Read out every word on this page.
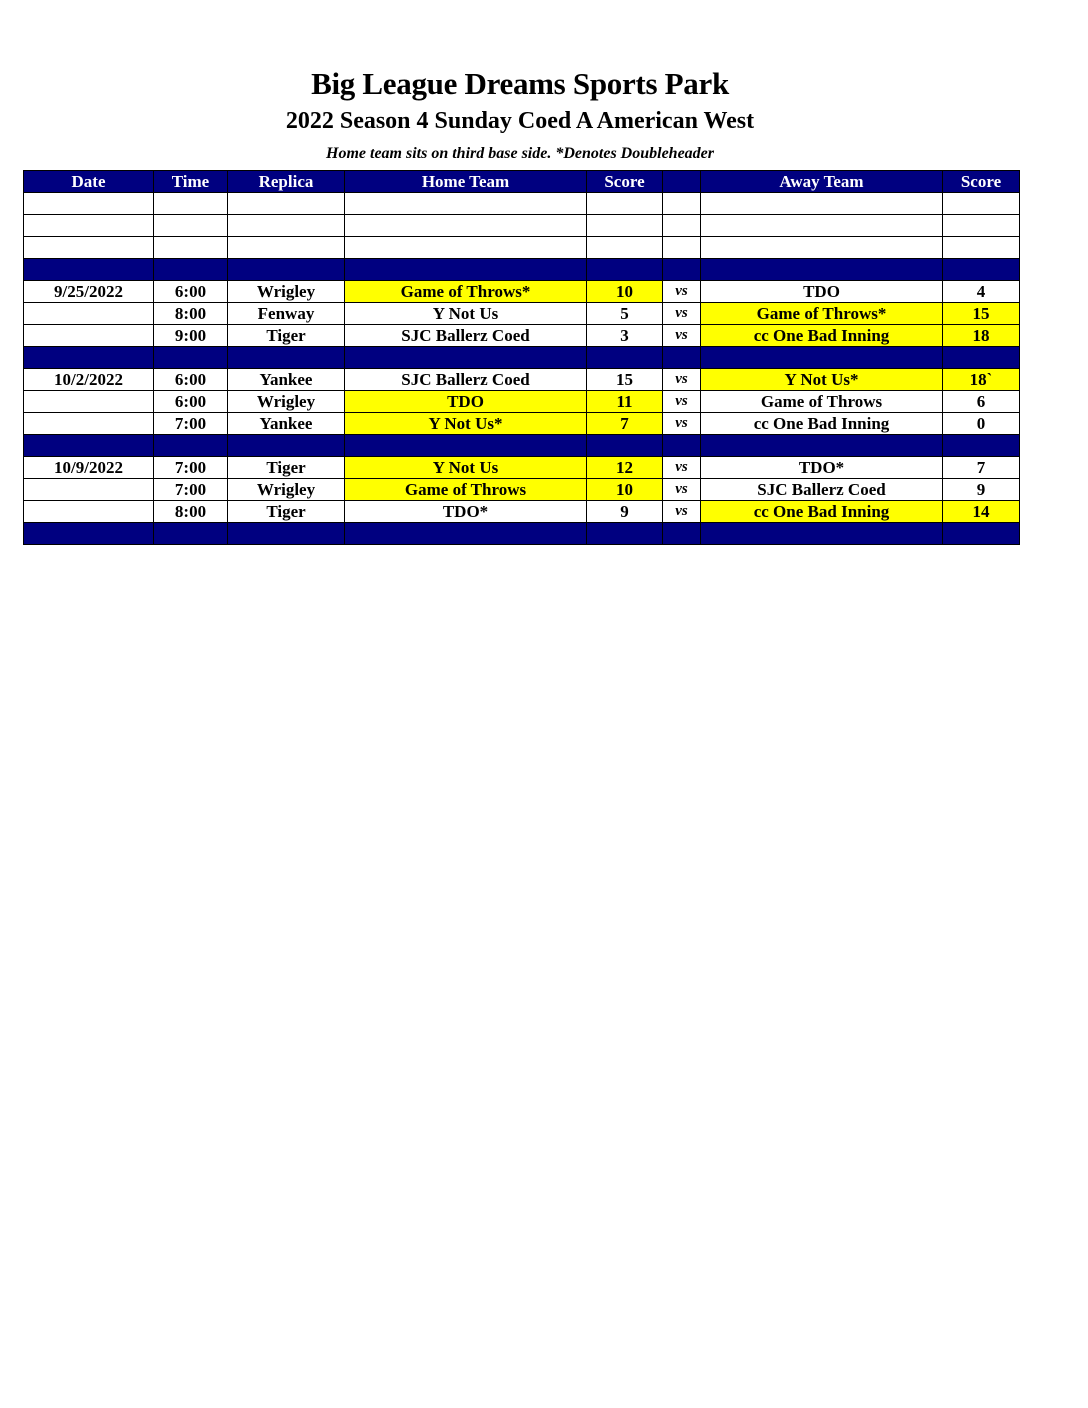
Big League Dreams Sports Park
2022 Season 4 Sunday Coed A American West
Home team sits on third base side. *Denotes Doubleheader
Date	Time	Replica	Home Team	Score		Away Team	Score

9/25/2022	6:00	Wrigley	Game of Throws*	10	vs	TDO	4
	8:00	Fenway	Y Not Us	5	vs	Game of Throws*	15
	9:00	Tiger	SJC Ballerz Coed	3	vs	cc One Bad Inning	18

10/2/2022	6:00	Yankee	SJC Ballerz Coed	15	vs	Y Not Us*	18`
	6:00	Wrigley	TDO	11	vs	Game of Throws	6
	7:00	Yankee	Y Not Us*	7	vs	cc One Bad Inning	0

10/9/2022	7:00	Tiger	Y Not Us	12	vs	TDO*	7
	7:00	Wrigley	Game of Throws	10	vs	SJC Ballerz Coed	9
	8:00	Tiger	TDO*	9	vs	cc One Bad Inning	14
